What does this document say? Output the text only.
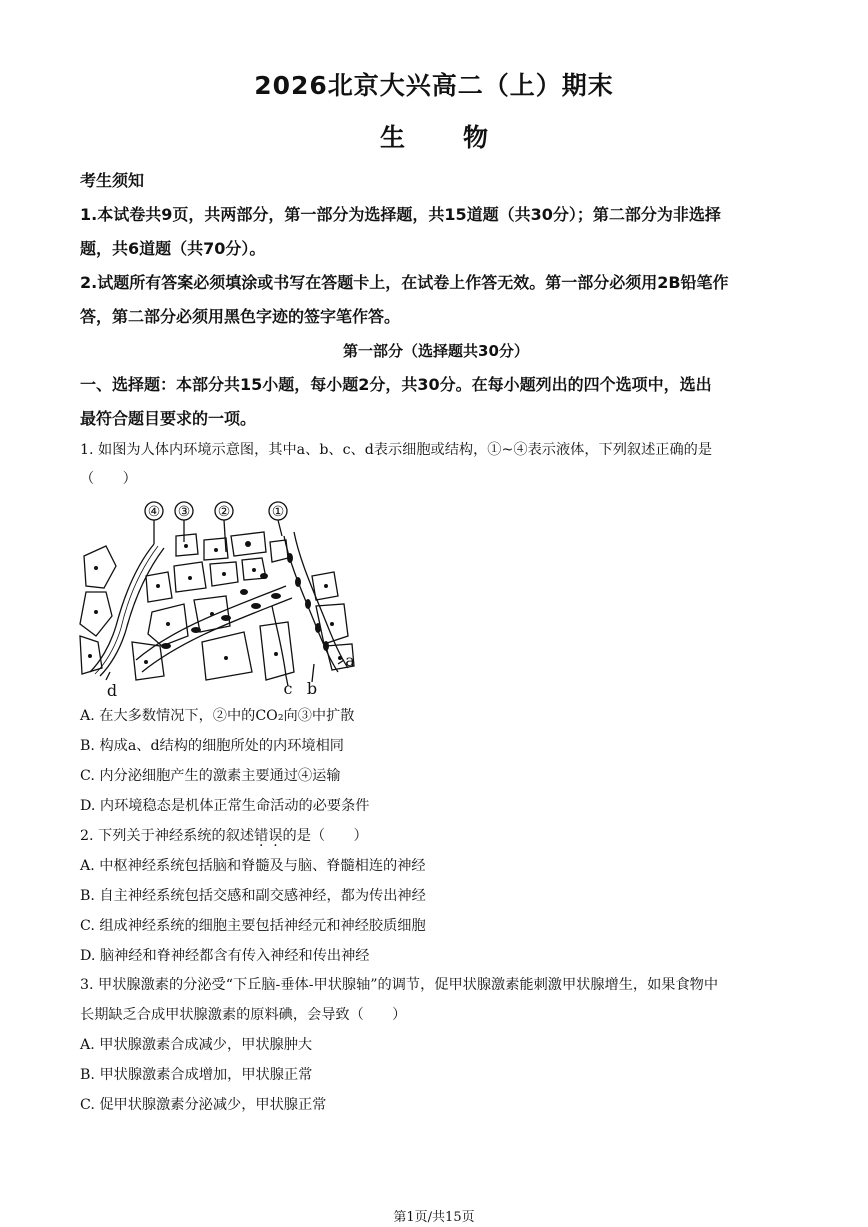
2026北京大兴高二（上）期末
生 物
考生须知
1.本试卷共9页，共两部分，第一部分为选择题，共15道题（共30分）；第二部分为非选择
题，共6道题（共70分）。
2.试题所有答案必须填涂或书写在答题卡上，在试卷上作答无效。第一部分必须用2B铅笔作
答，第二部分必须用黑色字迹的签字笔作答。
第一部分（选择题共30分）
一、选择题：本部分共15小题，每小题2分，共30分。在每小题列出的四个选项中，选出
最符合题目要求的一项。
1. 如图为人体内环境示意图，其中a、b、c、d表示细胞或结构，①~④表示液体，下列叙述正确的是
（　　）
④ ③ ②	①
a
b
c
d
A. 在大多数情况下，②中的CO₂向③中扩散
B. 构成a、d结构的细胞所处的内环境相同
C. 内分泌细胞产生的激素主要通过④运输
D. 内环境稳态是机体正常生命活动的必要条件
2. 下列关于神经系统的叙述错误的是（　　）
A. 中枢神经系统包括脑和脊髓及与脑、脊髓相连的神经
B. 自主神经系统包括交感和副交感神经，都为传出神经
C. 组成神经系统的细胞主要包括神经元和神经胶质细胞
D. 脑神经和脊神经都含有传入神经和传出神经
3. 甲状腺激素的分泌受“下丘脑-垂体-甲状腺轴”的调节，促甲状腺激素能刺激甲状腺增生，如果食物中
长期缺乏合成甲状腺激素的原料碘，会导致（　　）
A. 甲状腺激素合成减少，甲状腺肿大
B. 甲状腺激素合成增加，甲状腺正常
C. 促甲状腺激素分泌减少，甲状腺正常
第1页/共15页
